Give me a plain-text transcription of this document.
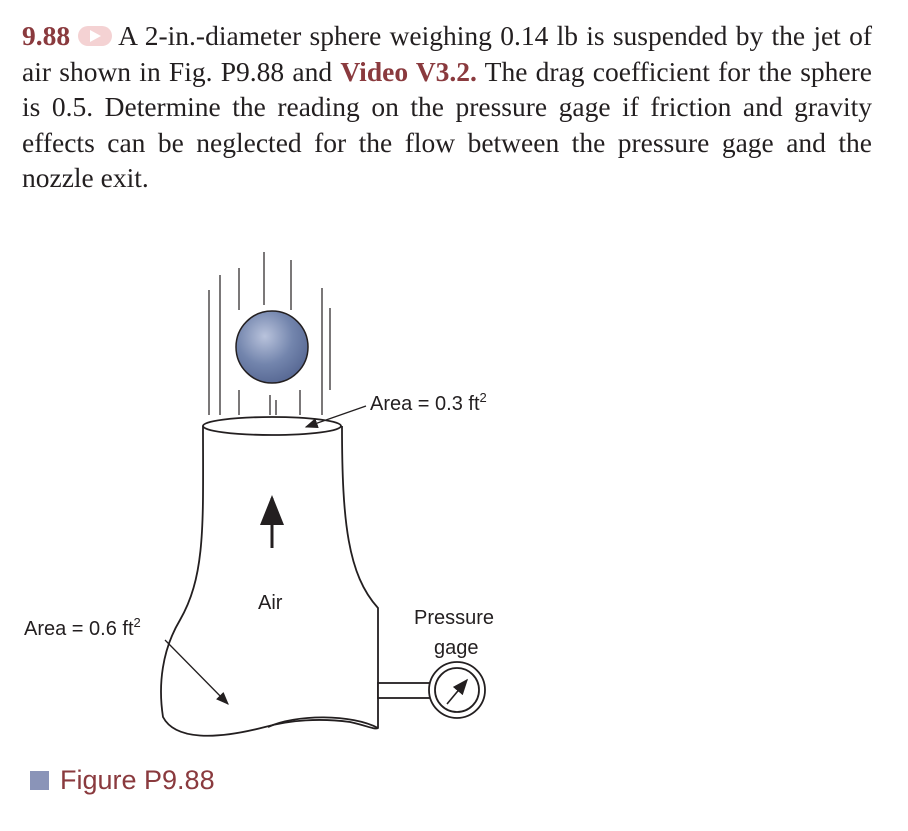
9.88 A 2-in.-diameter sphere weighing 0.14 lb is suspended by the jet of air shown in Fig. P9.88 and Video V3.2. The drag coefficient for the sphere is 0.5. Determine the reading on the pressure gage if friction and gravity effects can be neglected for the flow between the pressure gage and the nozzle exit.
Area = 0.3 $ft^2$
Air
Area = 0.6 $ft^2$	Pressure
gage
Figure P9.88
